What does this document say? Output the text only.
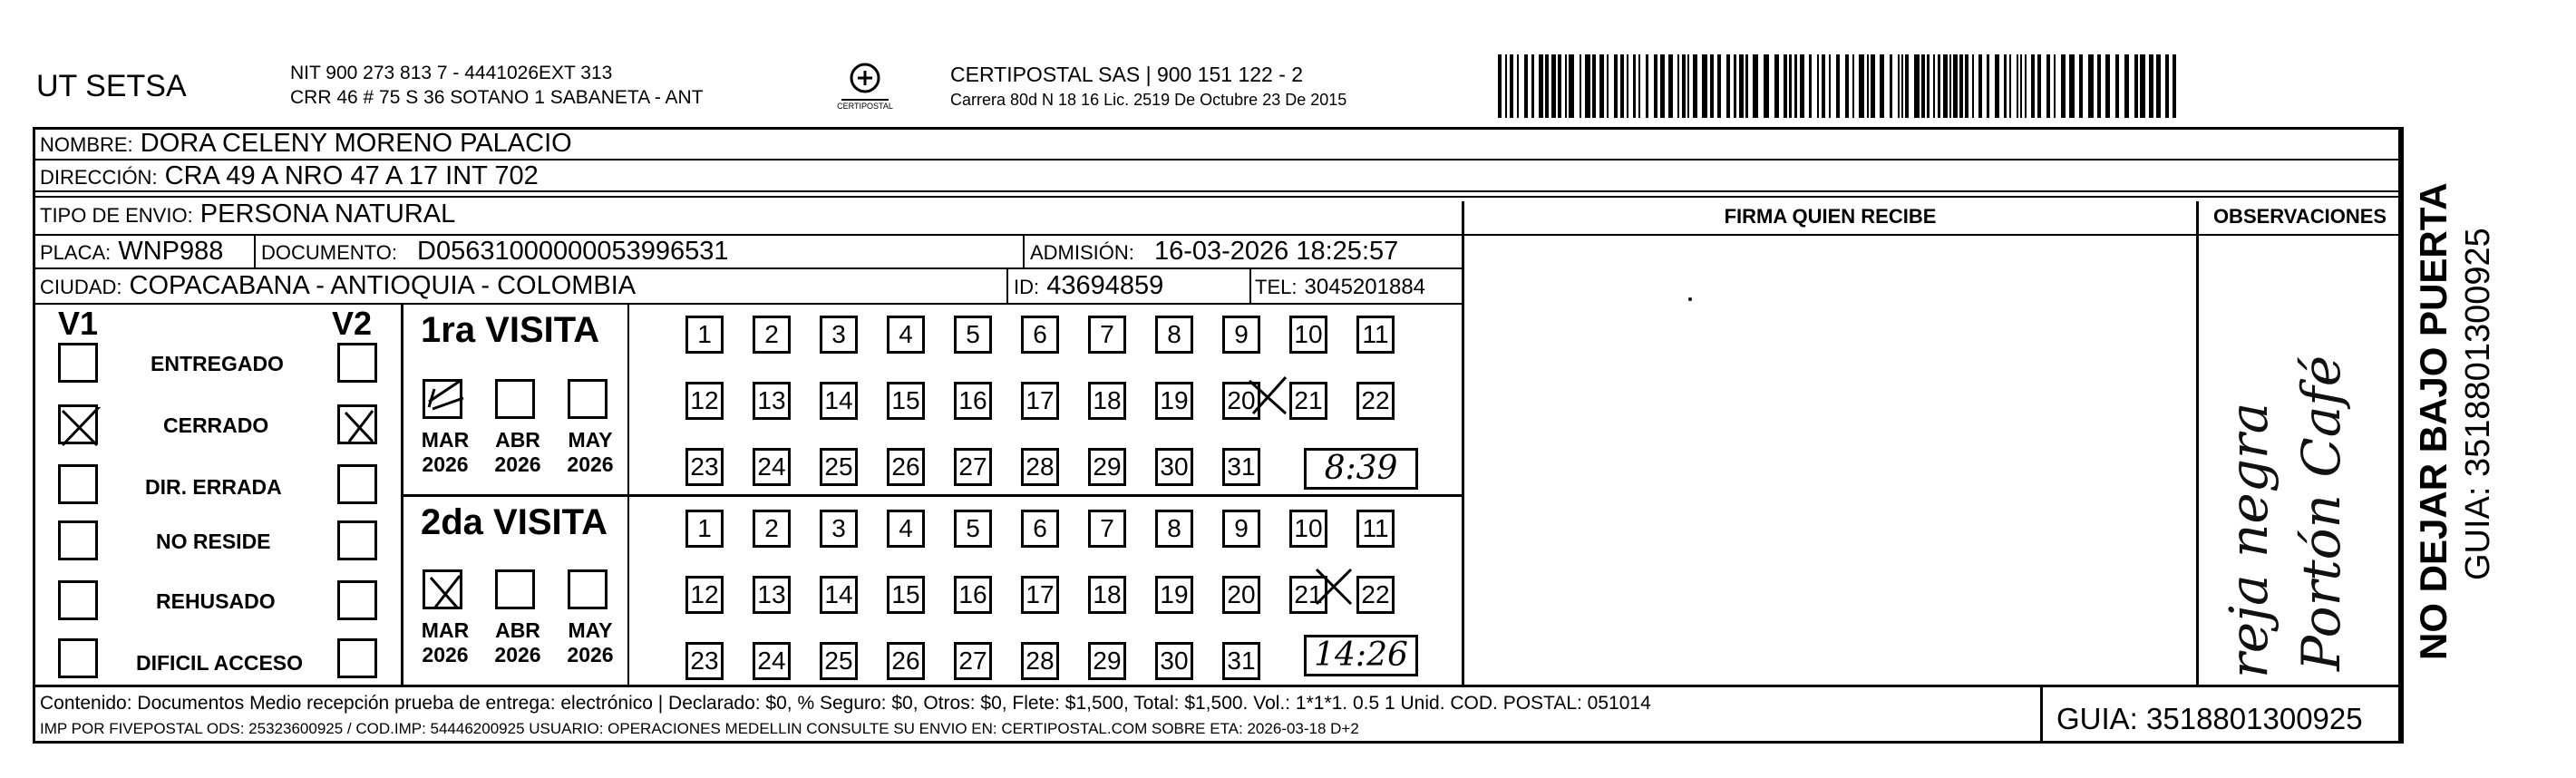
UT SETSA	NIT 900 273 813 7 - 4441026EXT 313
CRR 46 # 75 S 36 SOTANO 1 SABANETA - ANT	CERTIPOSTAL
CERTIPOSTAL SAS | 900 151 122 - 2
Carrera 80d N 18 16 Lic. 2519 De Octubre 23 De 2015
NOMBRE: DORA CELENY MORENO PALACIO
DIRECCIÓN: CRA 49 A NRO 47 A 17 INT 702
TIPO DE ENVIO: PERSONA NATURAL	FIRMA QUIEN RECIBE	OBSERVACIONES
PLACA: WNP988 DOCUMENTO: D05631000000053996531	ADMISIÓN: 16-03-2026 18:25:57
CIUDAD: COPACABANA - ANTIOQUIA - COLOMBIA	ID: 43694859	TEL: 3045201884
V1	V2
ENTREGADO
CERRADO
DIR. ERRADA
NO RESIDE
REHUSADO
DIFICIL ACCESO
1ra VISITA
MAR
2026
ABR
2026
MAY
2026
1	2	3	4	5	6	7	8	9	10 11
12 13 14 15 16 17 18 19 20 21 22
23 24 25 26 27 28 29 30 31	8:39
2da VISITA
MAR
2026
ABR
2026
MAY
2026
1	2	3	4	5	6	7	8	9	10 11
12 13 14 15 16 17 18 19 20 21 22
23 24 25 26 27 28 29 30 31	14:26	reja negra Portón Café
Contenido: Documentos Medio recepción prueba de entrega: electrónico | Declarado: $0, % Seguro: $0, Otros: $0, Flete: $1,500, Total: $1,500. Vol.: 1*1*1. 0.5 1 Unid. COD. POSTAL: 051014
IMP POR FIVEPOSTAL ODS: 25323600925 / COD.IMP: 54446200925 USUARIO: OPERACIONES MEDELLIN CONSULTE SU ENVIO EN: CERTIPOSTAL.COM SOBRE ETA: 2026-03-18 D+2	GUIA: 3518801300925
NO DEJAR BAJO PUERTA GUIA: 3518801300925
